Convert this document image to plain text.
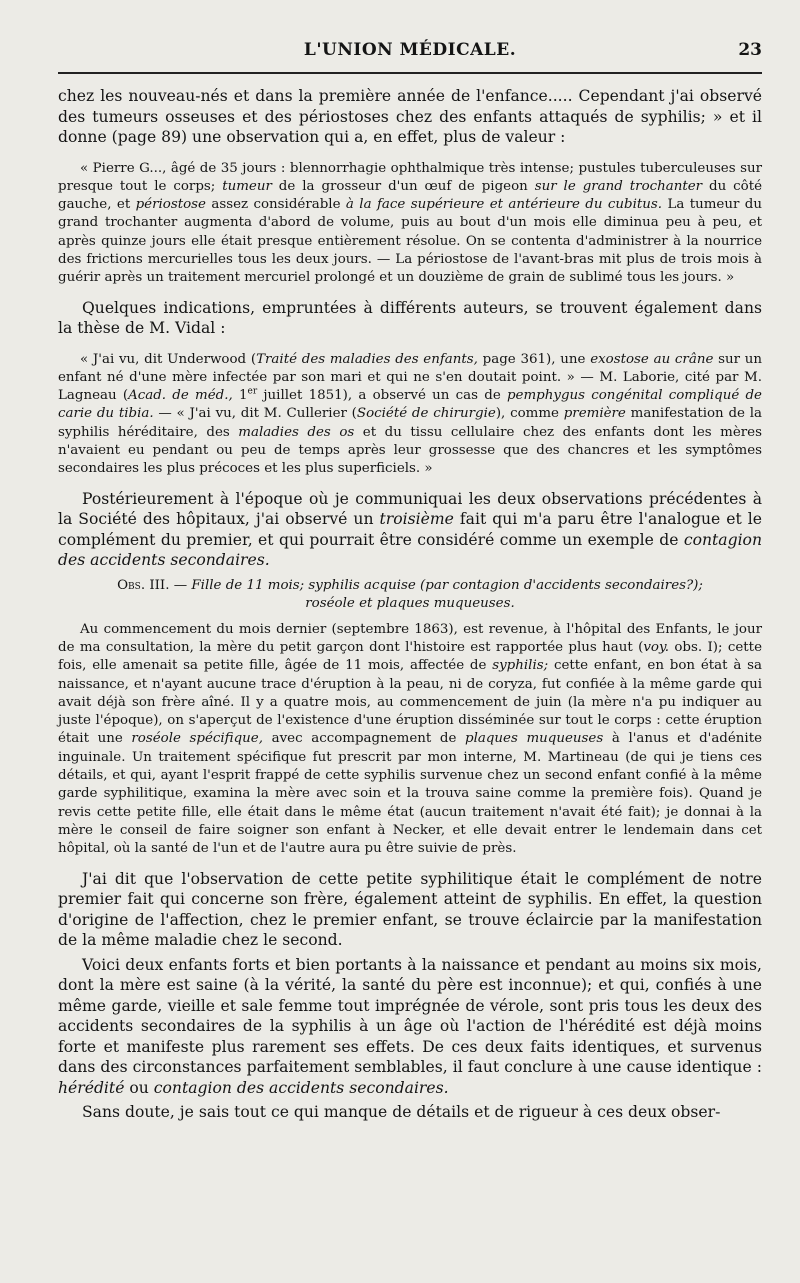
L'UNION MÉDICALE.	23

chez les nouveau-nés et dans la première année de l'enfance..... Cependant j'ai observé des tumeurs osseuses et des périostoses chez des enfants attaqués de syphilis; » et il donne (page 89) une observation qui a, en effet, plus de valeur :

« Pierre G..., âgé de 35 jours : blennorrhagie ophthalmique très intense; pustules tuberculeuses sur presque tout le corps; tumeur de la grosseur d'un œuf de pigeon sur le grand trochanter du côté gauche, et périostose assez considérable à la face supérieure et antérieure du cubitus. La tumeur du grand trochanter augmenta d'abord de volume, puis au bout d'un mois elle diminua peu à peu, et après quinze jours elle était presque entièrement résolue. On se contenta d'administrer à la nourrice des frictions mercurielles tous les deux jours. — La périostose de l'avant-bras mit plus de trois mois à guérir après un traitement mercuriel prolongé et un douzième de grain de sublimé tous les jours. »

Quelques indications, empruntées à différents auteurs, se trouvent également dans la thèse de M. Vidal :

« J'ai vu, dit Underwood (Traité des maladies des enfants, page 361), une exostose au crâne sur un enfant né d'une mère infectée par son mari et qui ne s'en doutait point. » — M. Laborie, cité par M. Lagneau (Acad. de méd., 1er juillet 1851), a observé un cas de pemphygus congénital compliqué de carie du tibia. — « J'ai vu, dit M. Cullerier (Société de chirurgie), comme première manifestation de la syphilis héréditaire, des maladies des os et du tissu cellulaire chez des enfants dont les mères n'avaient eu pendant ou peu de temps après leur grossesse que des chancres et les symptômes secondaires les plus précoces et les plus superficiels. »

Postérieurement à l'époque où je communiquai les deux observations précédentes à la Société des hôpitaux, j'ai observé un troisième fait qui m'a paru être l'analogue et le complément du premier, et qui pourrait être considéré comme un exemple de contagion des accidents secondaires.

Obs. III. — Fille de 11 mois; syphilis acquise (par contagion d'accidents secondaires?);
roséole et plaques muqueuses.

Au commencement du mois dernier (septembre 1863), est revenue, à l'hôpital des Enfants, le jour de ma consultation, la mère du petit garçon dont l'histoire est rapportée plus haut (voy. obs. I); cette fois, elle amenait sa petite fille, âgée de 11 mois, affectée de syphilis; cette enfant, en bon état à sa naissance, et n'ayant aucune trace d'éruption à la peau, ni de coryza, fut confiée à la même garde qui avait déjà son frère aîné. Il y a quatre mois, au commencement de juin (la mère n'a pu indiquer au juste l'époque), on s'aperçut de l'existence d'une éruption disséminée sur tout le corps : cette éruption était une roséole spécifique, avec accompagnement de plaques muqueuses à l'anus et d'adénite inguinale. Un traitement spécifique fut prescrit par mon interne, M. Martineau (de qui je tiens ces détails, et qui, ayant l'esprit frappé de cette syphilis survenue chez un second enfant confié à la même garde syphilitique, examina la mère avec soin et la trouva saine comme la première fois). Quand je revis cette petite fille, elle était dans le même état (aucun traitement n'avait été fait); je donnai à la mère le conseil de faire soigner son enfant à Necker, et elle devait entrer le lendemain dans cet hôpital, où la santé de l'un et de l'autre aura pu être suivie de près.

J'ai dit que l'observation de cette petite syphilitique était le complément de notre premier fait qui concerne son frère, également atteint de syphilis. En effet, la question d'origine de l'affection, chez le premier enfant, se trouve éclaircie par la manifestation de la même maladie chez le second.

Voici deux enfants forts et bien portants à la naissance et pendant au moins six mois, dont la mère est saine (à la vérité, la santé du père est inconnue); et qui, confiés à une même garde, vieille et sale femme tout imprégnée de vérole, sont pris tous les deux des accidents secondaires de la syphilis à un âge où l'action de l'hérédité est déjà moins forte et manifeste plus rarement ses effets. De ces deux faits identiques, et survenus dans des circonstances parfaitement semblables, il faut conclure à une cause identique : hérédité ou contagion des accidents secondaires.

Sans doute, je sais tout ce qui manque de détails et de rigueur à ces deux obser-
